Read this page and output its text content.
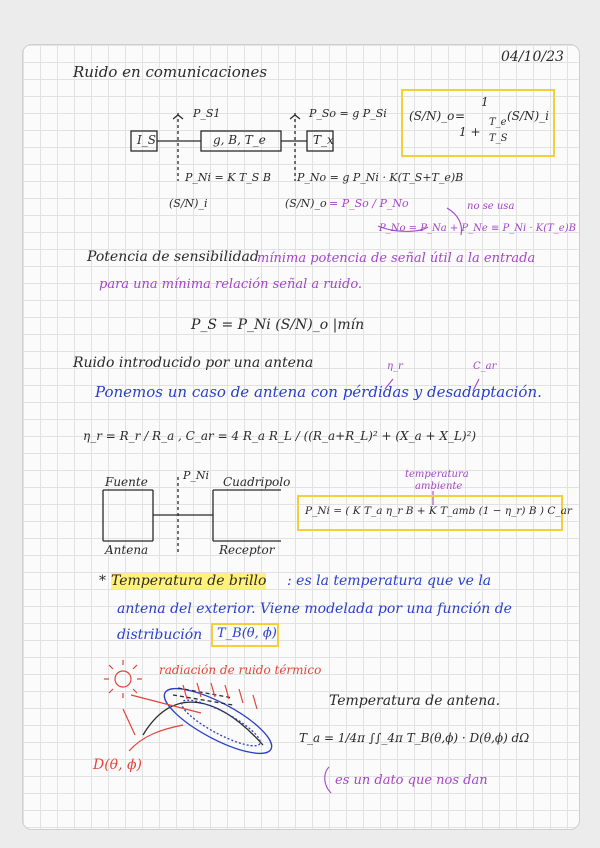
04/10/23
Ruido en comunicaciones
P_S1	P_So = g P_Si
I_S	g, B, T_e	T_x
P_Ni = K T_S B P_No = g P_Ni · K(T_S+T_e)B
(S/N)_i	(S/N)_o = P_So / P_No
P_No = P_Na + P_Ne ≡ P_Ni · K(T_e)B
no se usa
(S/N)_o =
1
1 +
T_e
T_S
(S/N)_i
Potencia de sensibilidad
mínima potencia de señal útil a la entrada
para una mínima relación señal a ruido.
P_S = P_Ni (S/N)_o |mín
Ruido introducido por una antena	η_r	C_ar
Ponemos un caso de antena con pérdidas y desadaptación.
η_r = R_r / R_a , C_ar = 4 R_a R_L / ((R_a+R_L)² + (X_a + X_L)²)
temperatura
ambiente
P_Ni
Fuente	Cuadripolo
Antena	Receptor
P_Ni = ( K T_a η_r B + K T_amb (1 − η_r) B ) C_ar
* Temperatura de brillo : es la temperatura que ve la
antena del exterior. Viene modelada por una función de
distribución T_B(θ, ϕ)
radiación de ruido térmico
D(θ, ϕ)
Temperatura de antena.
T_a = 1/4π ∫∫_4π T_B(θ,ϕ) · D(θ,ϕ) dΩ
es un dato que nos dan
